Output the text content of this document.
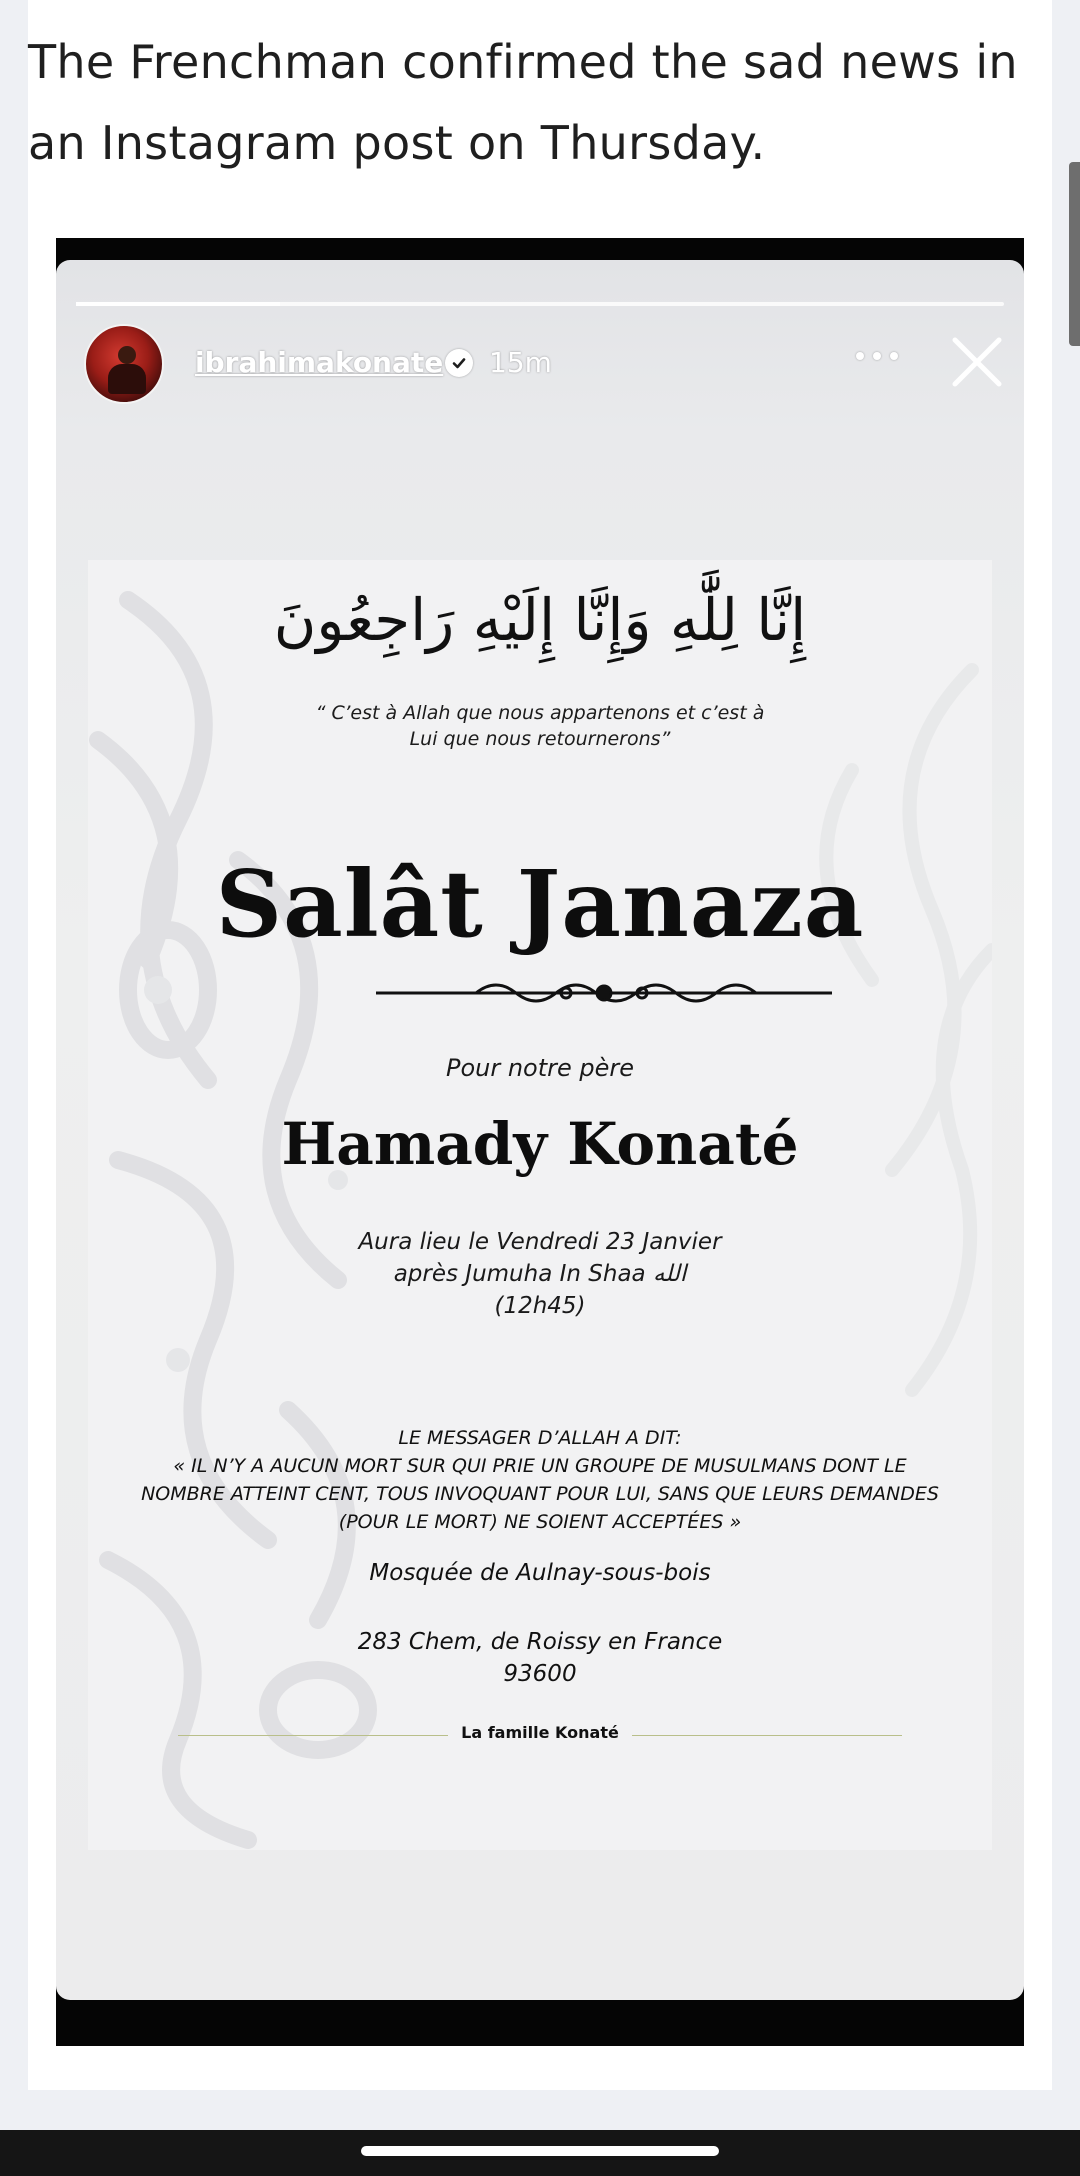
The Frenchman confirmed the sad news in an Instagram post on Thursday.
ibrahimakonate 15m
إِنَّا لِلَّٰهِ وَإِنَّا إِلَيْهِ رَاجِعُونَ
“ C’est à Allah que nous appartenons et c’est à
Lui que nous retournerons”
Salât Janaza
Pour notre père
Hamady Konaté
Aura lieu le Vendredi 23 Janvier
après Jumuha In Shaa الله
(12h45)
LE MESSAGER D’ALLAH A DIT:
« IL N’Y A AUCUN MORT SUR QUI PRIE UN GROUPE DE MUSULMANS DONT LE
NOMBRE ATTEINT CENT, TOUS INVOQUANT POUR LUI, SANS QUE LEURS DEMANDES
(POUR LE MORT) NE SOIENT ACCEPTÉES »
Mosquée de Aulnay-sous-bois
283 Chem, de Roissy en France
93600
La famille Konaté
